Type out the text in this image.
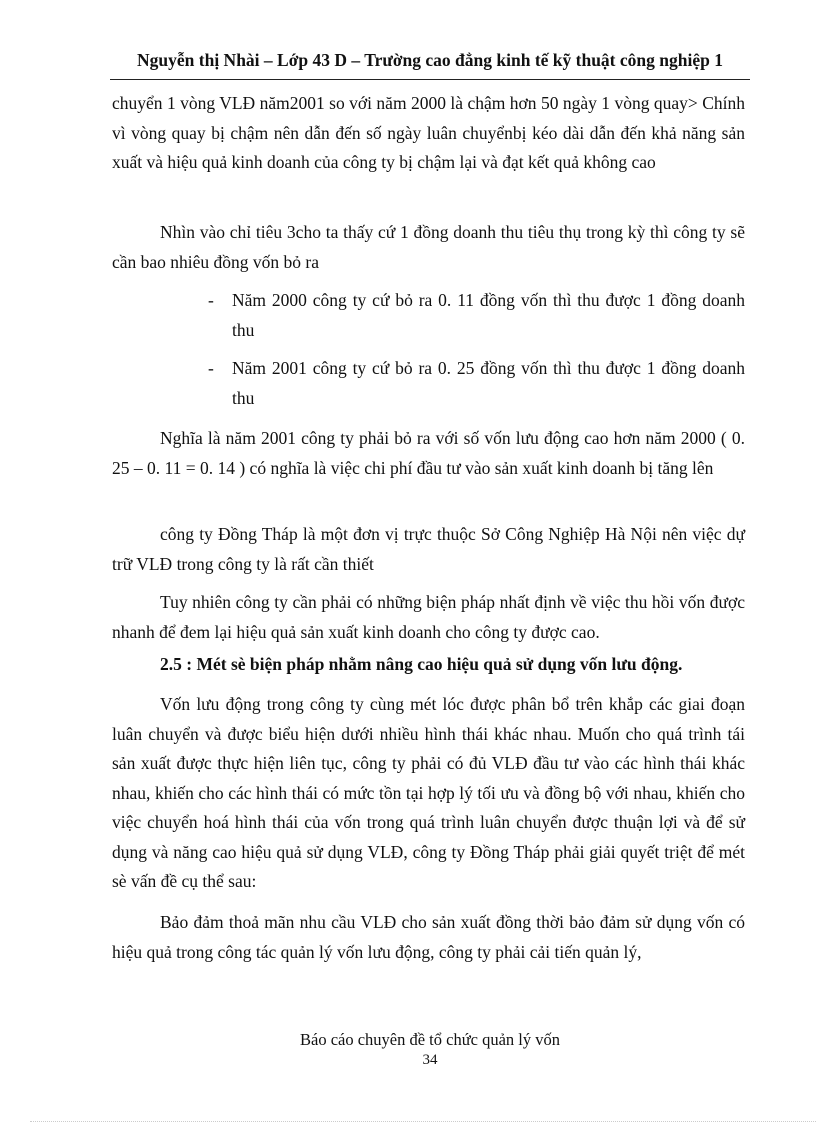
Nguyễn thị Nhài – Lớp 43 D – Trường cao đẳng kinh tế kỹ thuật công nghiệp 1
chuyển 1 vòng VLĐ năm2001 so với năm 2000 là chậm hơn 50 ngày 1 vòng quay> Chính vì vòng quay bị chậm nên dẫn đến số ngày luân chuyểnbị kéo dài dẫn đến khả năng sản xuất và hiệu quả kinh doanh của công ty bị chậm lại và đạt kết quả không cao
Nhìn vào chỉ tiêu 3cho ta thấy cứ 1 đồng doanh thu tiêu thụ trong kỳ thì công ty sẽ cần bao nhiêu đồng vốn bỏ ra
- Năm 2000 công ty cứ bỏ ra 0. 11 đồng vốn thì thu được 1 đồng doanh thu
- Năm 2001 công ty cứ bỏ ra 0. 25 đồng vốn thì thu được 1 đồng doanh thu
Nghĩa là năm 2001 công ty phải bỏ ra với số vốn lưu động cao hơn năm 2000 ( 0. 25 – 0. 11 = 0. 14 ) có nghĩa là việc chi phí đầu tư vào sản xuất kinh doanh bị tăng lên
công ty Đồng Tháp là một đơn vị trực thuộc Sở Công Nghiệp Hà Nội nên việc dự trữ VLĐ trong công ty là rất cần thiết
Tuy nhiên công ty cần phải có những biện pháp nhất định về việc thu hồi vốn được nhanh để đem lại hiệu quả sản xuất kinh doanh cho công ty được cao.
2.5 : Mét sè biện pháp nhằm nâng cao hiệu quả sử dụng vốn lưu động.
Vốn lưu động trong công ty cùng mét lóc được phân bổ trên khắp các giai đoạn luân chuyển và được biểu hiện dưới nhiều hình thái khác nhau. Muốn cho quá trình tái sản xuất được thực hiện liên tục, công ty phải có đủ VLĐ đầu tư vào các hình thái khác nhau, khiến cho các hình thái có mức tồn tại hợp lý tối ưu và đồng bộ với nhau, khiến cho việc chuyển hoá hình thái của vốn trong quá trình luân chuyển được thuận lợi và để sử dụng và năng cao hiệu quả sử dụng VLĐ, công ty Đồng Tháp phải giải quyết triệt để mét sè vấn đề cụ thể sau:
Bảo đảm thoả mãn nhu cầu VLĐ cho sản xuất đồng thời bảo đảm sử dụng vốn có hiệu quả trong công tác quản lý vốn lưu động, công ty phải cải tiến quản lý,
Báo cáo chuyên đề tổ chức quản lý vốn
34
